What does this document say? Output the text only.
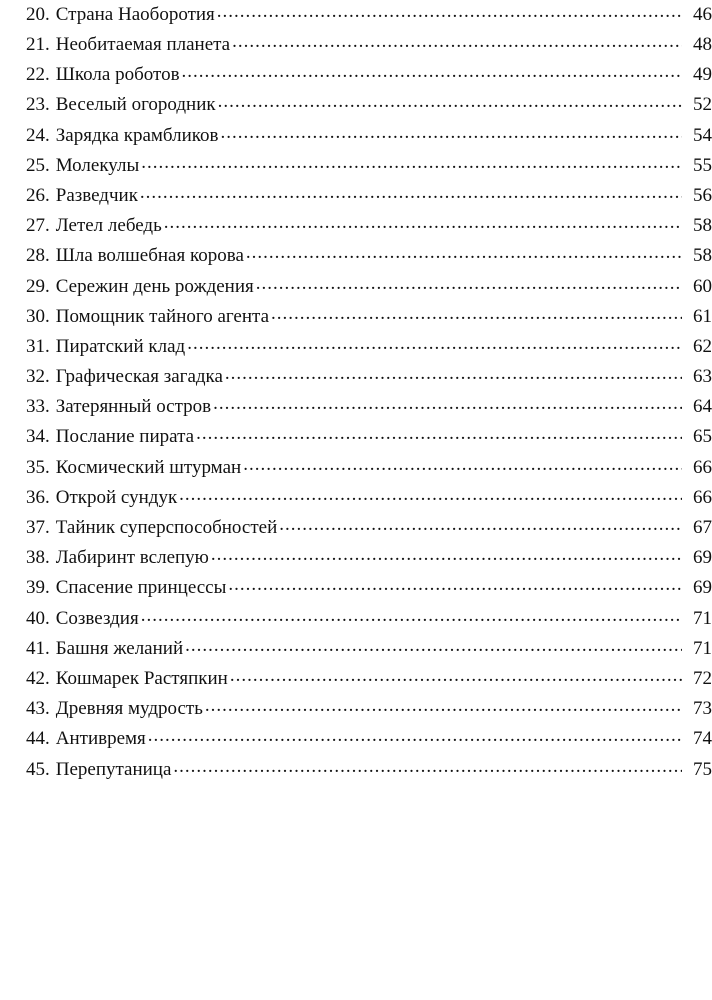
20. Страна Наоборотия .....	46
21. Необитаемая планета .....	48
22. Школа роботов .....	49
23. Веселый огородник .....	52
24. Зарядка крамбликов .....	54
25. Молекулы .....	55
26. Разведчик .....	56
27. Летел лебедь .....	58
28. Шла волшебная корова .....	58
29. Сережин день рождения .....	60
30. Помощник тайного агента .....	61
31. Пиратский клад .....	62
32. Графическая загадка .....	63
33. Затерянный остров .....	64
34. Послание пирата .....	65
35. Космический штурман .....	66
36. Открой сундук .....	66
37. Тайник суперспособностей .....	67
38. Лабиринт вслепую .....	69
39. Спасение принцессы .....	69
40. Созвездия .....	71
41. Башня желаний .....	71
42. Кошмарек Растяпкин .....	72
43. Древняя мудрость .....	73
44. Антивремя .....	74
45. Перепутаница .....	75
